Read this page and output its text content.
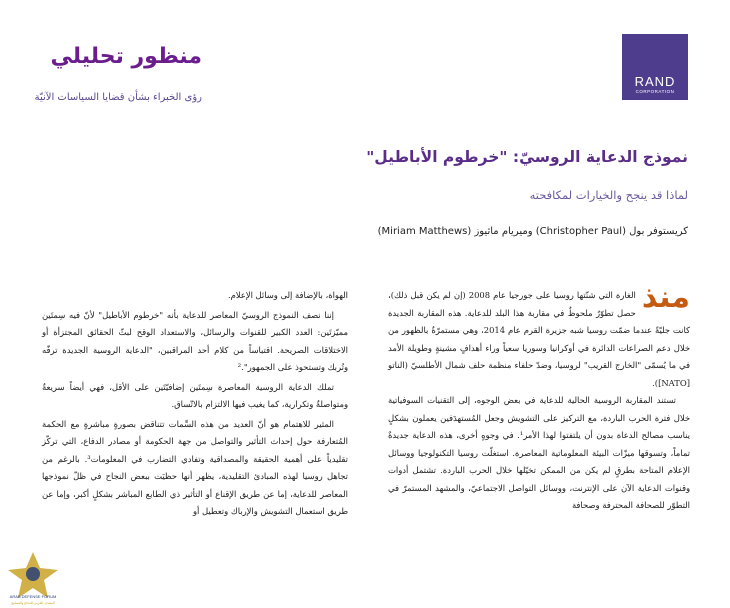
RAND
CORPORATION
منظور تحليلي
رؤى الخبراء بشأن قضايا السياسات الآنيّة
نموذج الدعاية الروسيّ: "خرطوم الأباطيل"
لماذا قد ينجح والخيارات لمكافحته
كريستوفر بول (Christopher Paul) وميريام ماثيوز (Miriam Matthews)

منذ
الغارة التي شنّتها روسيا على جورجيا عام 2008 (إن لم يكن قبل ذلك)، حصل تطوّرٌ ملحوظٌ في مقاربة هذا البلد للدعاية. هذه المقاربة الجديدة كانت جليّةً عندما ضمّت روسيا شبه جزيرة القرم عام 2014، وهي مستمرّةٌ بالظهور من خلال دعم الصراعات الدائرة في أوكرانيا وسوريا سعياً وراء أهدافٍ مشينةٍ وطويلة الأمد في ما يُسمّى "الخارج القريب" لروسيا، وضدّ حلفاء منظمة حلف شمال الأطلسيّ (الناتو [NATO]).

تستند المقاربة الروسية الحالية للدعاية في بعض الوجوه، إلى التقنيات السوفياتية خلال فترة الحرب الباردة، مع التركيز على التشويش وجعل المُستهدَفين يعملون بشكلٍ يناسب مصالح الدعاة بدون أن يلتفتوا لهذا الأمر¹. في وجوهٍ أخرى، هذه الدعاية جديدةٌ تماماً، وتسوقها ميزّات البيئة المعلوماتية المعاصرة. استغلّت روسيا التكنولوجيا ووسائل الإعلام المتاحة بطرقٍ لم يكن من الممكن تخيّلها خلال الحرب الباردة. تشتمل أدوات وقنوات الدعاية الآن على الإنترنت، ووسائل التواصل الاجتماعيّ، والمشهد المستمرّ في التطوّر للصحافة المحترفة وصحافة

الهواة، بالإضافة إلى وسائل الإعلام.

إننا نصف النموذج الروسيّ المعاصر للدعاية بأنه "خرطوم الأباطيل" لأنّ فيه سِمتَين مميّزتَين: العدد الكبير للقنوات والرسائل، والاستعداد الوقح لبثّ الحقائق المجتزأة أو الاختلاقات الصريحة. اقتباساً من كلام أحد المراقبين، "الدعاية الروسية الجديدة ترفّه وتُربك وتستحوذ على الجمهور".²

تملك الدعاية الروسية المعاصرة سِمتَين إضافيّتَين على الأقل، فهي أيضاً سريعةٌ ومتواصلةٌ وتكرارية، كما يغيب فيها الالتزام بالاتّساق.

المثير للاهتمام هو أنّ العديد من هذه السِّمات تتناقض بصورةٍ مباشرةٍ مع الحكمة المُتعارفة حول إحداث التأثير والتواصل من جهة الحكومة أو مصادر الدفاع، التي تركّز تقليدياً على أهمية الحقيقة والمصداقية وتفادي التضارب في المعلومات³. بالرغم من تجاهل روسيا لهذه المبادئ التقليدية، يظهر أنها حظيَت ببعض النجاح في ظلّ نموذجها المعاصر للدعاية، إما عن طريق الإقناع أو التأثير ذي الطابع المباشر بشكلٍ أكبر، وإما عن طريق استعمال التشويش والإرباك وتعطيل أو

ARAB DEFENSE FORUM
المنتدى العربي للدفاع والتسليح
